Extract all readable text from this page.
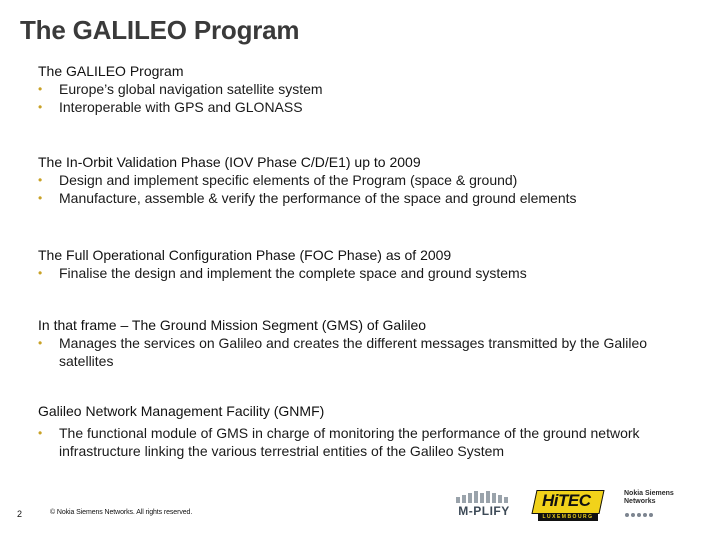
The GALILEO Program
The GALILEO Program
• Europe’s global navigation satellite system
• Interoperable with GPS and GLONASS
The In-Orbit Validation Phase (IOV Phase C/D/E1) up to 2009
• Design and implement specific elements of the Program (space & ground)
• Manufacture, assemble & verify the performance of the space and ground elements
The Full Operational Configuration Phase (FOC Phase) as of 2009
• Finalise the design and implement the complete space and ground systems
In that frame – The Ground Mission Segment (GMS) of Galileo
• Manages the services on Galileo and creates the different messages transmitted by the Galileo satellites
Galileo Network Management Facility (GNMF)
• The functional module of GMS in charge of monitoring the performance of the ground network infrastructure linking the various terrestrial entities of the Galileo System
2	© Nokia Siemens Networks. All rights reserved.	M-PLIFY
HiTEC
LUXEMBOURG
Nokia Siemens
Networks
